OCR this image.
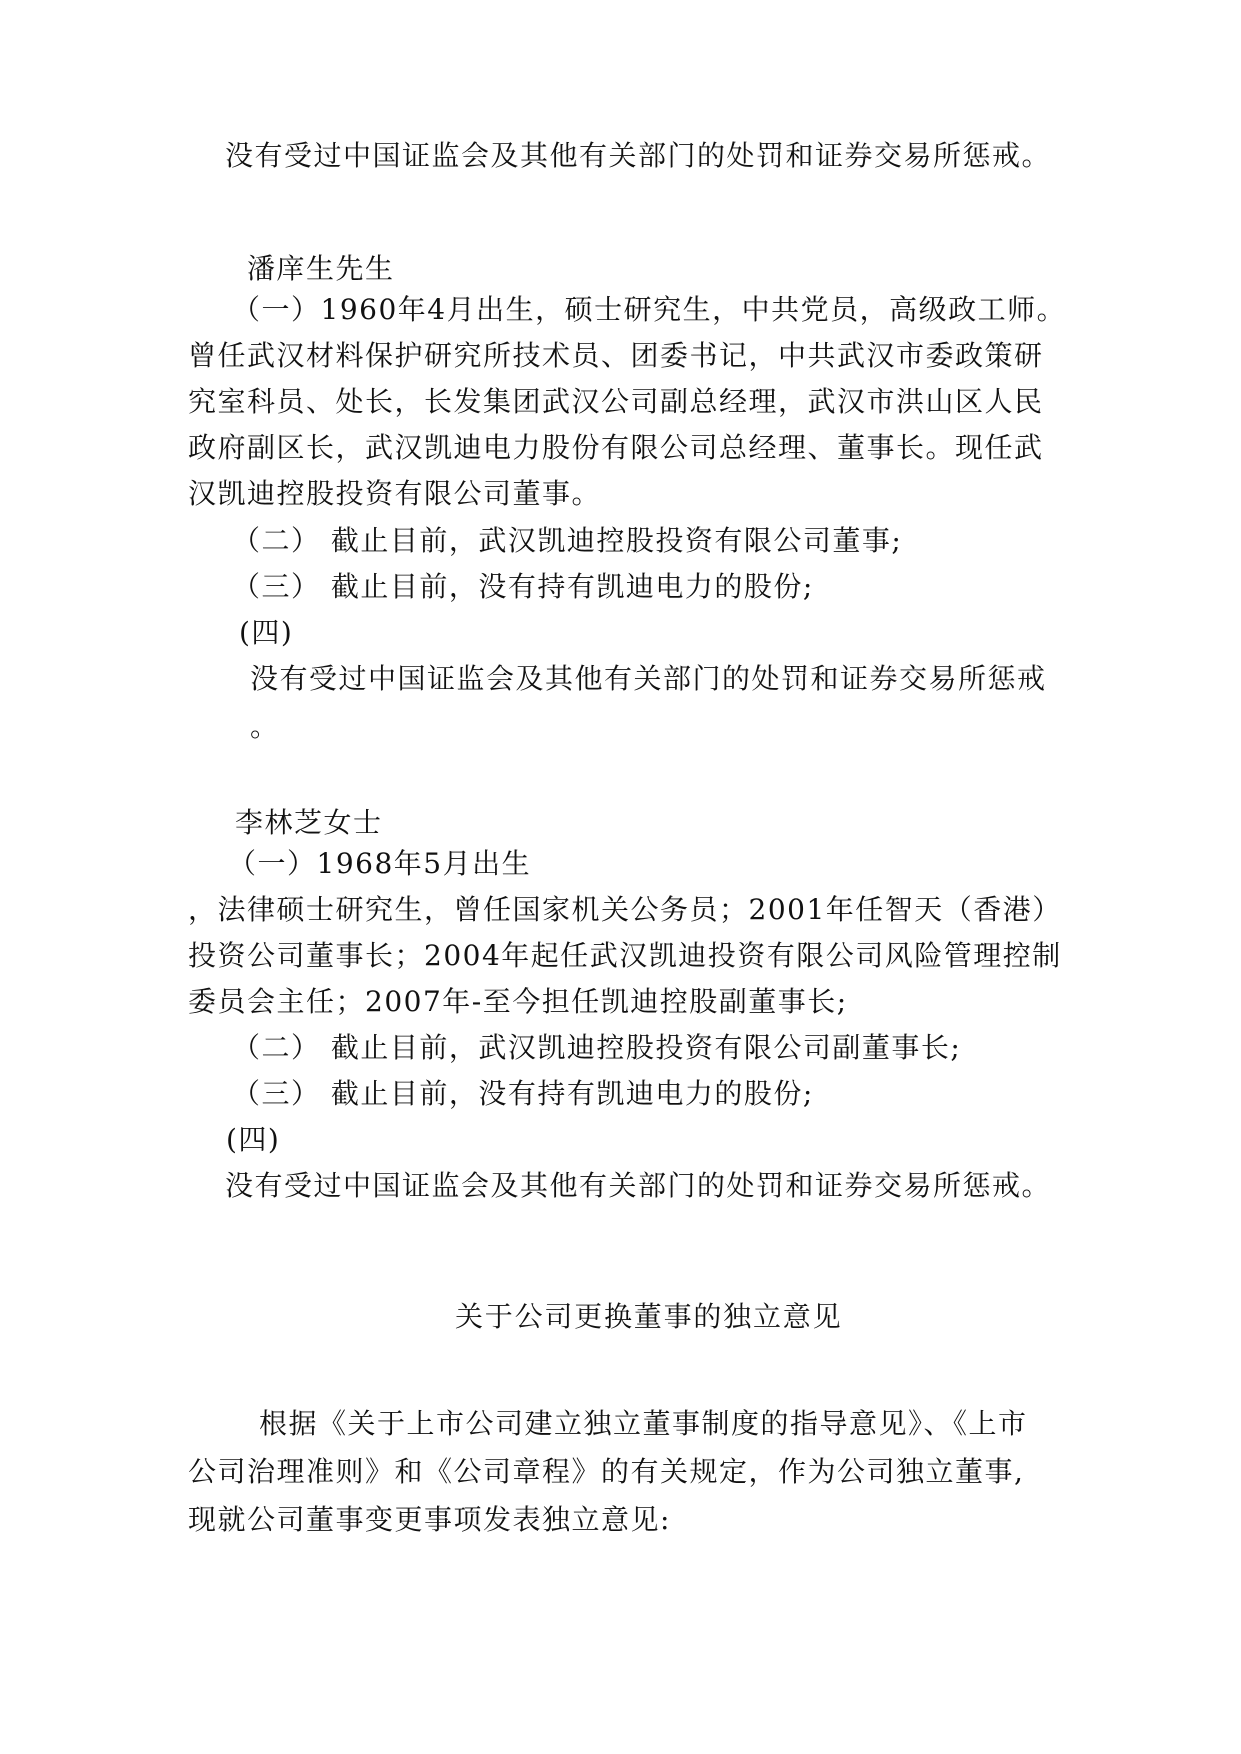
没有受过中国证监会及其他有关部门的处罚和证券交易所惩戒。

潘庠生先生

（一）1960年4月出生，硕士研究生，中共党员，高级政工师。

曾任武汉材料保护研究所技术员、团委书记，中共武汉市委政策研

究室科员、处长，长发集团武汉公司副总经理，武汉市洪山区人民

政府副区长，武汉凯迪电力股份有限公司总经理、董事长。现任武

汉凯迪控股投资有限公司董事。

（二） 截止目前，武汉凯迪控股投资有限公司董事;

（三） 截止目前，没有持有凯迪电力的股份;

(四)

没有受过中国证监会及其他有关部门的处罚和证券交易所惩戒

。

李林芝女士

（一）1968年5月出生

，法律硕士研究生，曾任国家机关公务员；2001年任智天（香港）

投资公司董事长；2004年起任武汉凯迪投资有限公司风险管理控制

委员会主任；2007年-至今担任凯迪控股副董事长;

（二） 截止目前，武汉凯迪控股投资有限公司副董事长;

（三） 截止目前，没有持有凯迪电力的股份;

(四)

没有受过中国证监会及其他有关部门的处罚和证券交易所惩戒。

关于公司更换董事的独立意见

根据《关于上市公司建立独立董事制度的指导意见》、《上市

公司治理准则》和《公司章程》的有关规定，作为公司独立董事,

现就公司董事变更事项发表独立意见:
